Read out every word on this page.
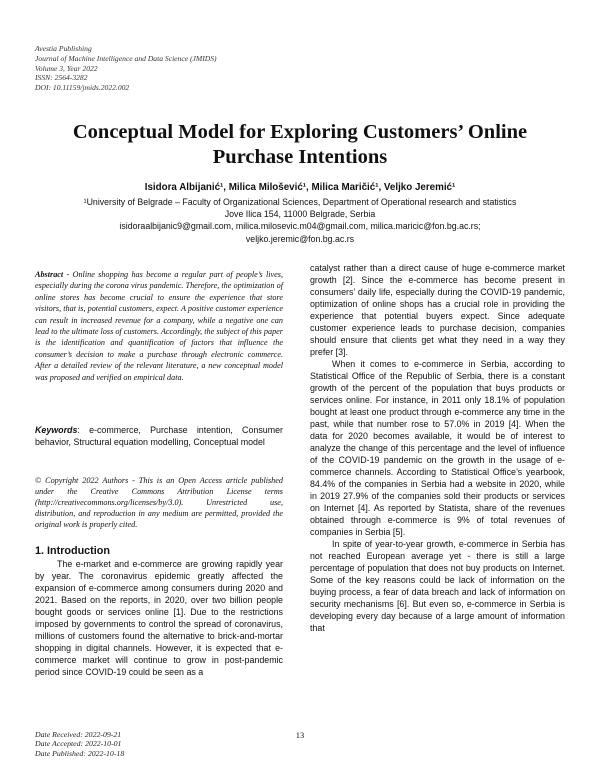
Avestia Publishing
Journal of Machine Intelligence and Data Science (JMIDS)
Volume 3, Year 2022
ISSN: 2564-3282
DOI: 10.11159/jmids.2022.002
Conceptual Model for Exploring Customers’ Online
Purchase Intentions
Isidora Albijanić¹, Milica Milošević¹, Milica Maričić¹, Veljko Jeremić¹
¹University of Belgrade – Faculty of Organizational Sciences, Department of Operational research and statistics
Jove Ilica 154, 11000 Belgrade, Serbia
isidoraalbijanic9@gmail.com, milica.milosevic.m04@gmail.com, milica.maricic@fon.bg.ac.rs;
veljko.jeremic@fon.bg.ac.rs
Abstract - Online shopping has become a regular part of people’s lives, especially during the corona virus pandemic. Therefore, the optimization of online stores has become crucial to ensure the experience that store visitors, that is, potential customers, expect. A positive customer experience can result in increased revenue for a company, while a negative one can lead to the ultimate loss of customers. Accordingly, the subject of this paper is the identification and quantification of factors that influence the consumer’s decision to make a purchase through electronic commerce. After a detailed review of the relevant literature, a new conceptual model was proposed and verified on empirical data.
Keywords: e-commerce, Purchase intention, Consumer behavior, Structural equation modelling, Conceptual model
© Copyright 2022 Authors - This is an Open Access article published under the Creative Commons Attribution License terms (http://creativecommons.org/licenses/by/3.0). Unrestricted use, distribution, and reproduction in any medium are permitted, provided the original work is properly cited.
1. Introduction

The e-market and e-commerce are growing rapidly year by year. The coronavirus epidemic greatly affected the expansion of e-commerce among consumers during 2020 and 2021. Based on the reports, in 2020, over two billion people bought goods or services online [1]. Due to the restrictions imposed by governments to control the spread of coronavirus, millions of customers found the alternative to brick-and-mortar shopping in digital channels. However, it is expected that e-commerce market will continue to grow in post-pandemic period since COVID-19 could be seen as a

catalyst rather than a direct cause of huge e-commerce market growth [2]. Since the e-commerce has become present in consumers’ daily life, especially during the COVID-19 pandemic, optimization of online shops has a crucial role in providing the experience that potential buyers expect. Since adequate customer experience leads to purchase decision, companies should ensure that clients get what they need in a way they prefer [3].

When it comes to e-commerce in Serbia, according to Statistical Office of the Republic of Serbia, there is a constant growth of the percent of the population that buys products or services online. For instance, in 2011 only 18.1% of population bought at least one product through e-commerce any time in the past, while that number rose to 57.0% in 2019 [4]. When the data for 2020 becomes available, it would be of interest to analyze the change of this percentage and the level of influence of the COVID-19 pandemic on the growth in the usage of e-commerce channels. According to Statistical Office’s yearbook, 84.4% of the companies in Serbia had a website in 2020, while in 2019 27.9% of the companies sold their products or services on Internet [4]. As reported by Statista, share of the revenues obtained through e-commerce is 9% of total revenues of companies in Serbia [5].

In spite of year-to-year growth, e-commerce in Serbia has not reached European average yet - there is still a large percentage of population that does not buy products on Internet. Some of the key reasons could be lack of information on the buying process, a fear of data breach and lack of information on security mechanisms [6]. But even so, e-commerce in Serbia is developing every day because of a large amount of information that

Date Received: 2022-09-21
Date Accepted: 2022-10-01
Date Published: 2022-10-18
13
